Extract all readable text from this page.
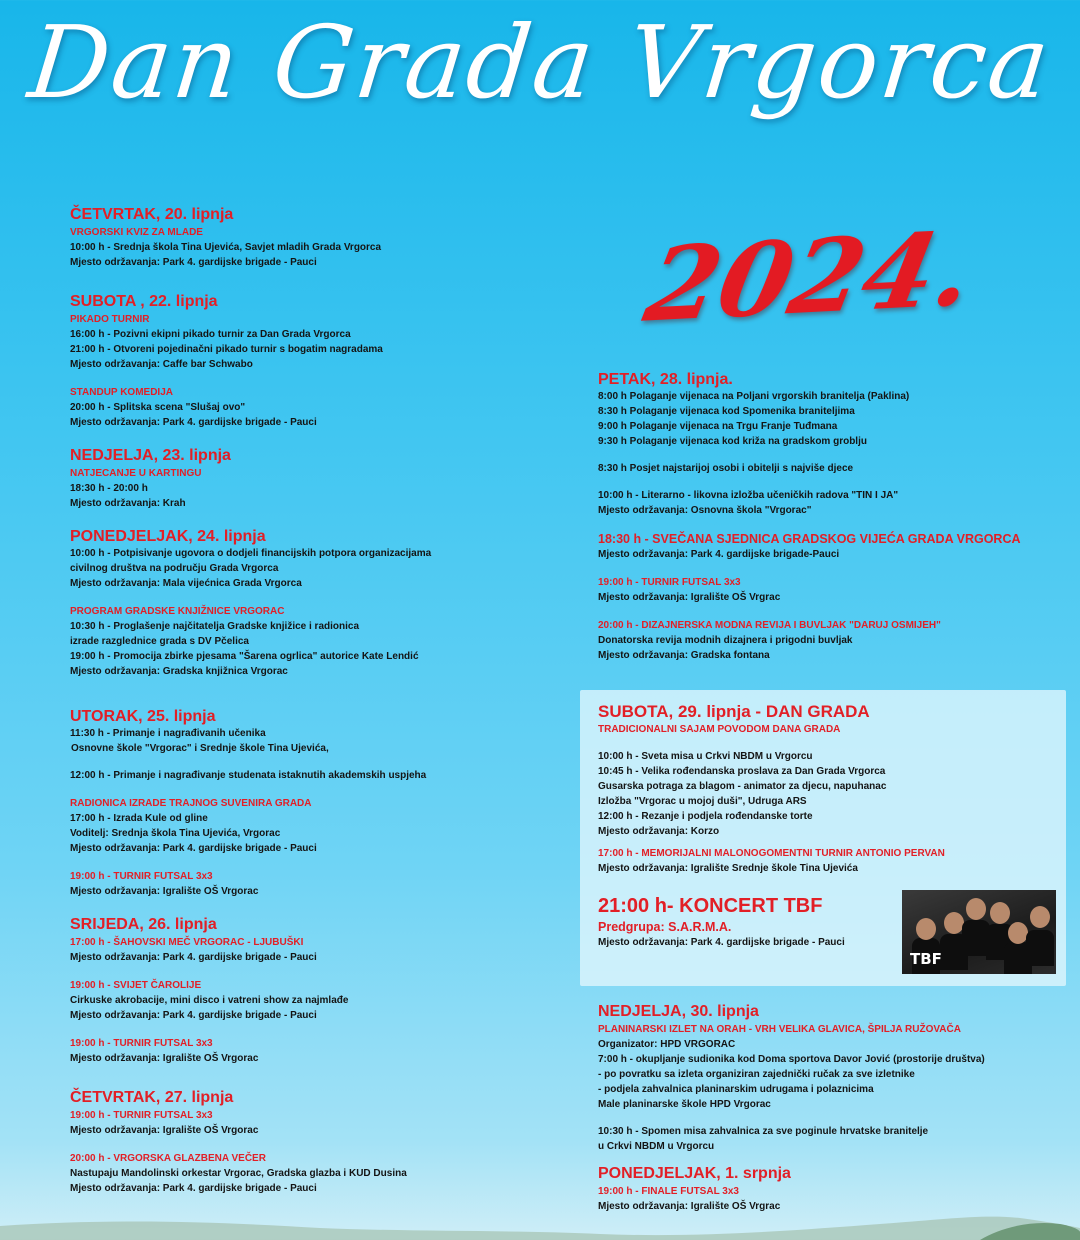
Dan Grada Vrgorca
2024.

ČETVRTAK, 20. lipnja

VRGORSKI KVIZ ZA MLADE

10:00 h - Srednja škola Tina Ujevića, Savjet mladih Grada Vrgorca

Mjesto održavanja: Park 4. gardijske brigade - Pauci

SUBOTA , 22. lipnja

PIKADO TURNIR

16:00 h - Pozivni ekipni pikado turnir za Dan Grada Vrgorca

21:00 h - Otvoreni pojedinačni pikado turnir s bogatim nagradama

Mjesto održavanja: Caffe bar Schwabo

STANDUP KOMEDIJA

20:00 h - Splitska scena "Slušaj ovo"

Mjesto održavanja: Park 4. gardijske brigade - Pauci

NEDJELJA, 23. lipnja

NATJECANJE U KARTINGU

18:30 h - 20:00 h

Mjesto održavanja: Krah

PONEDJELJAK, 24. lipnja

10:00 h - Potpisivanje ugovora o dodjeli financijskih potpora organizacijama

civilnog društva na području Grada Vrgorca

Mjesto održavanja: Mala vijećnica Grada Vrgorca

PROGRAM GRADSKE KNJIŽNICE VRGORAC

10:30 h - Proglašenje najčitatelja Gradske knjižice i radionica

izrade razglednice grada s DV Pčelica

19:00 h - Promocija zbirke pjesama "Šarena ogrlica" autorice Kate Lendić

Mjesto održavanja: Gradska knjižnica Vrgorac

UTORAK, 25. lipnja

11:30 h - Primanje i nagrađivanih učenika

Osnovne škole "Vrgorac" i Srednje škole Tina Ujevića,

12:00 h - Primanje i nagrađivanje studenata istaknutih akademskih uspjeha

RADIONICA IZRADE TRAJNOG SUVENIRA GRADA

17:00 h - Izrada Kule od gline

Voditelj: Srednja škola Tina Ujevića, Vrgorac

Mjesto održavanja: Park 4. gardijske brigade - Pauci

19:00 h - TURNIR FUTSAL 3x3

Mjesto održavanja: Igralište OŠ Vrgorac

SRIJEDA, 26. lipnja

17:00 h - ŠAHOVSKI MEČ VRGORAC - LJUBUŠKI

Mjesto održavanja: Park 4. gardijske brigade - Pauci

19:00 h - SVIJET ČAROLIJE

Cirkuske akrobacije, mini disco i vatreni show za najmlađe

Mjesto održavanja: Park 4. gardijske brigade - Pauci

19:00 h - TURNIR FUTSAL 3x3

Mjesto održavanja: Igralište OŠ Vrgorac

ČETVRTAK, 27. lipnja

19:00 h - TURNIR FUTSAL 3x3

Mjesto održavanja: Igralište OŠ Vrgorac

20:00 h - VRGORSKA GLAZBENA VEČER

Nastupaju Mandolinski orkestar Vrgorac, Gradska glazba i KUD Dusina

Mjesto održavanja: Park 4. gardijske brigade - Pauci

PETAK, 28. lipnja.

8:00 h Polaganje vijenaca na Poljani vrgorskih branitelja (Paklina)

8:30 h Polaganje vijenaca kod Spomenika braniteljima

9:00 h Polaganje vijenaca na Trgu Franje Tuđmana

9:30 h Polaganje vijenaca kod križa na gradskom groblju

8:30 h Posjet najstarijoj osobi i obitelji s najviše djece

10:00 h - Literarno - likovna izložba učeničkih radova "TIN I JA"

Mjesto održavanja: Osnovna škola "Vrgorac"

18:30 h - SVEČANA SJEDNICA GRADSKOG VIJEĆA GRADA VRGORCA

Mjesto održavanja: Park 4. gardijske brigade-Pauci

19:00 h - TURNIR FUTSAL 3x3

Mjesto održavanja: Igralište OŠ Vrgrac

20:00 h - DIZAJNERSKA MODNA REVIJA I BUVLJAK "DARUJ OSMIJEH"

Donatorska revija modnih dizajnera i prigodni buvljak

Mjesto održavanja: Gradska fontana

SUBOTA, 29. lipnja - DAN GRADA

TRADICIONALNI SAJAM POVODOM DANA GRADA

10:00 h - Sveta misa u Crkvi NBDM u Vrgorcu

10:45 h - Velika rođendanska proslava za Dan Grada Vrgorca

Gusarska potraga za blagom - animator za djecu, napuhanac

Izložba "Vrgorac u mojoj duši", Udruga ARS

12:00 h - Rezanje i podjela rođendanske torte

Mjesto održavanja: Korzo

17:00 h - MEMORIJALNI MALONOGOMENTNI TURNIR ANTONIO PERVAN

Mjesto održavanja: Igralište Srednje škole Tina Ujevića

21:00 h- KONCERT TBF

Predgrupa: S.A.R.M.A.

Mjesto održavanja: Park 4. gardijske brigade - Pauci

TBF

NEDJELJA, 30. lipnja

PLANINARSKI IZLET NA ORAH - VRH VELIKA GLAVICA, ŠPILJA RUŽOVAČA

Organizator: HPD VRGORAC

7:00 h - okupljanje sudionika kod Doma sportova Davor Jović (prostorije društva)

- po povratku sa izleta organiziran zajednički ručak za sve izletnike

- podjela zahvalnica planinarskim udrugama i polaznicima

Male planinarske škole HPD Vrgorac

10:30 h - Spomen misa zahvalnica za sve poginule hrvatske branitelje

u Crkvi NBDM u Vrgorcu

PONEDJELJAK, 1. srpnja

19:00 h - FINALE FUTSAL 3x3

Mjesto održavanja: Igralište OŠ Vrgrac
